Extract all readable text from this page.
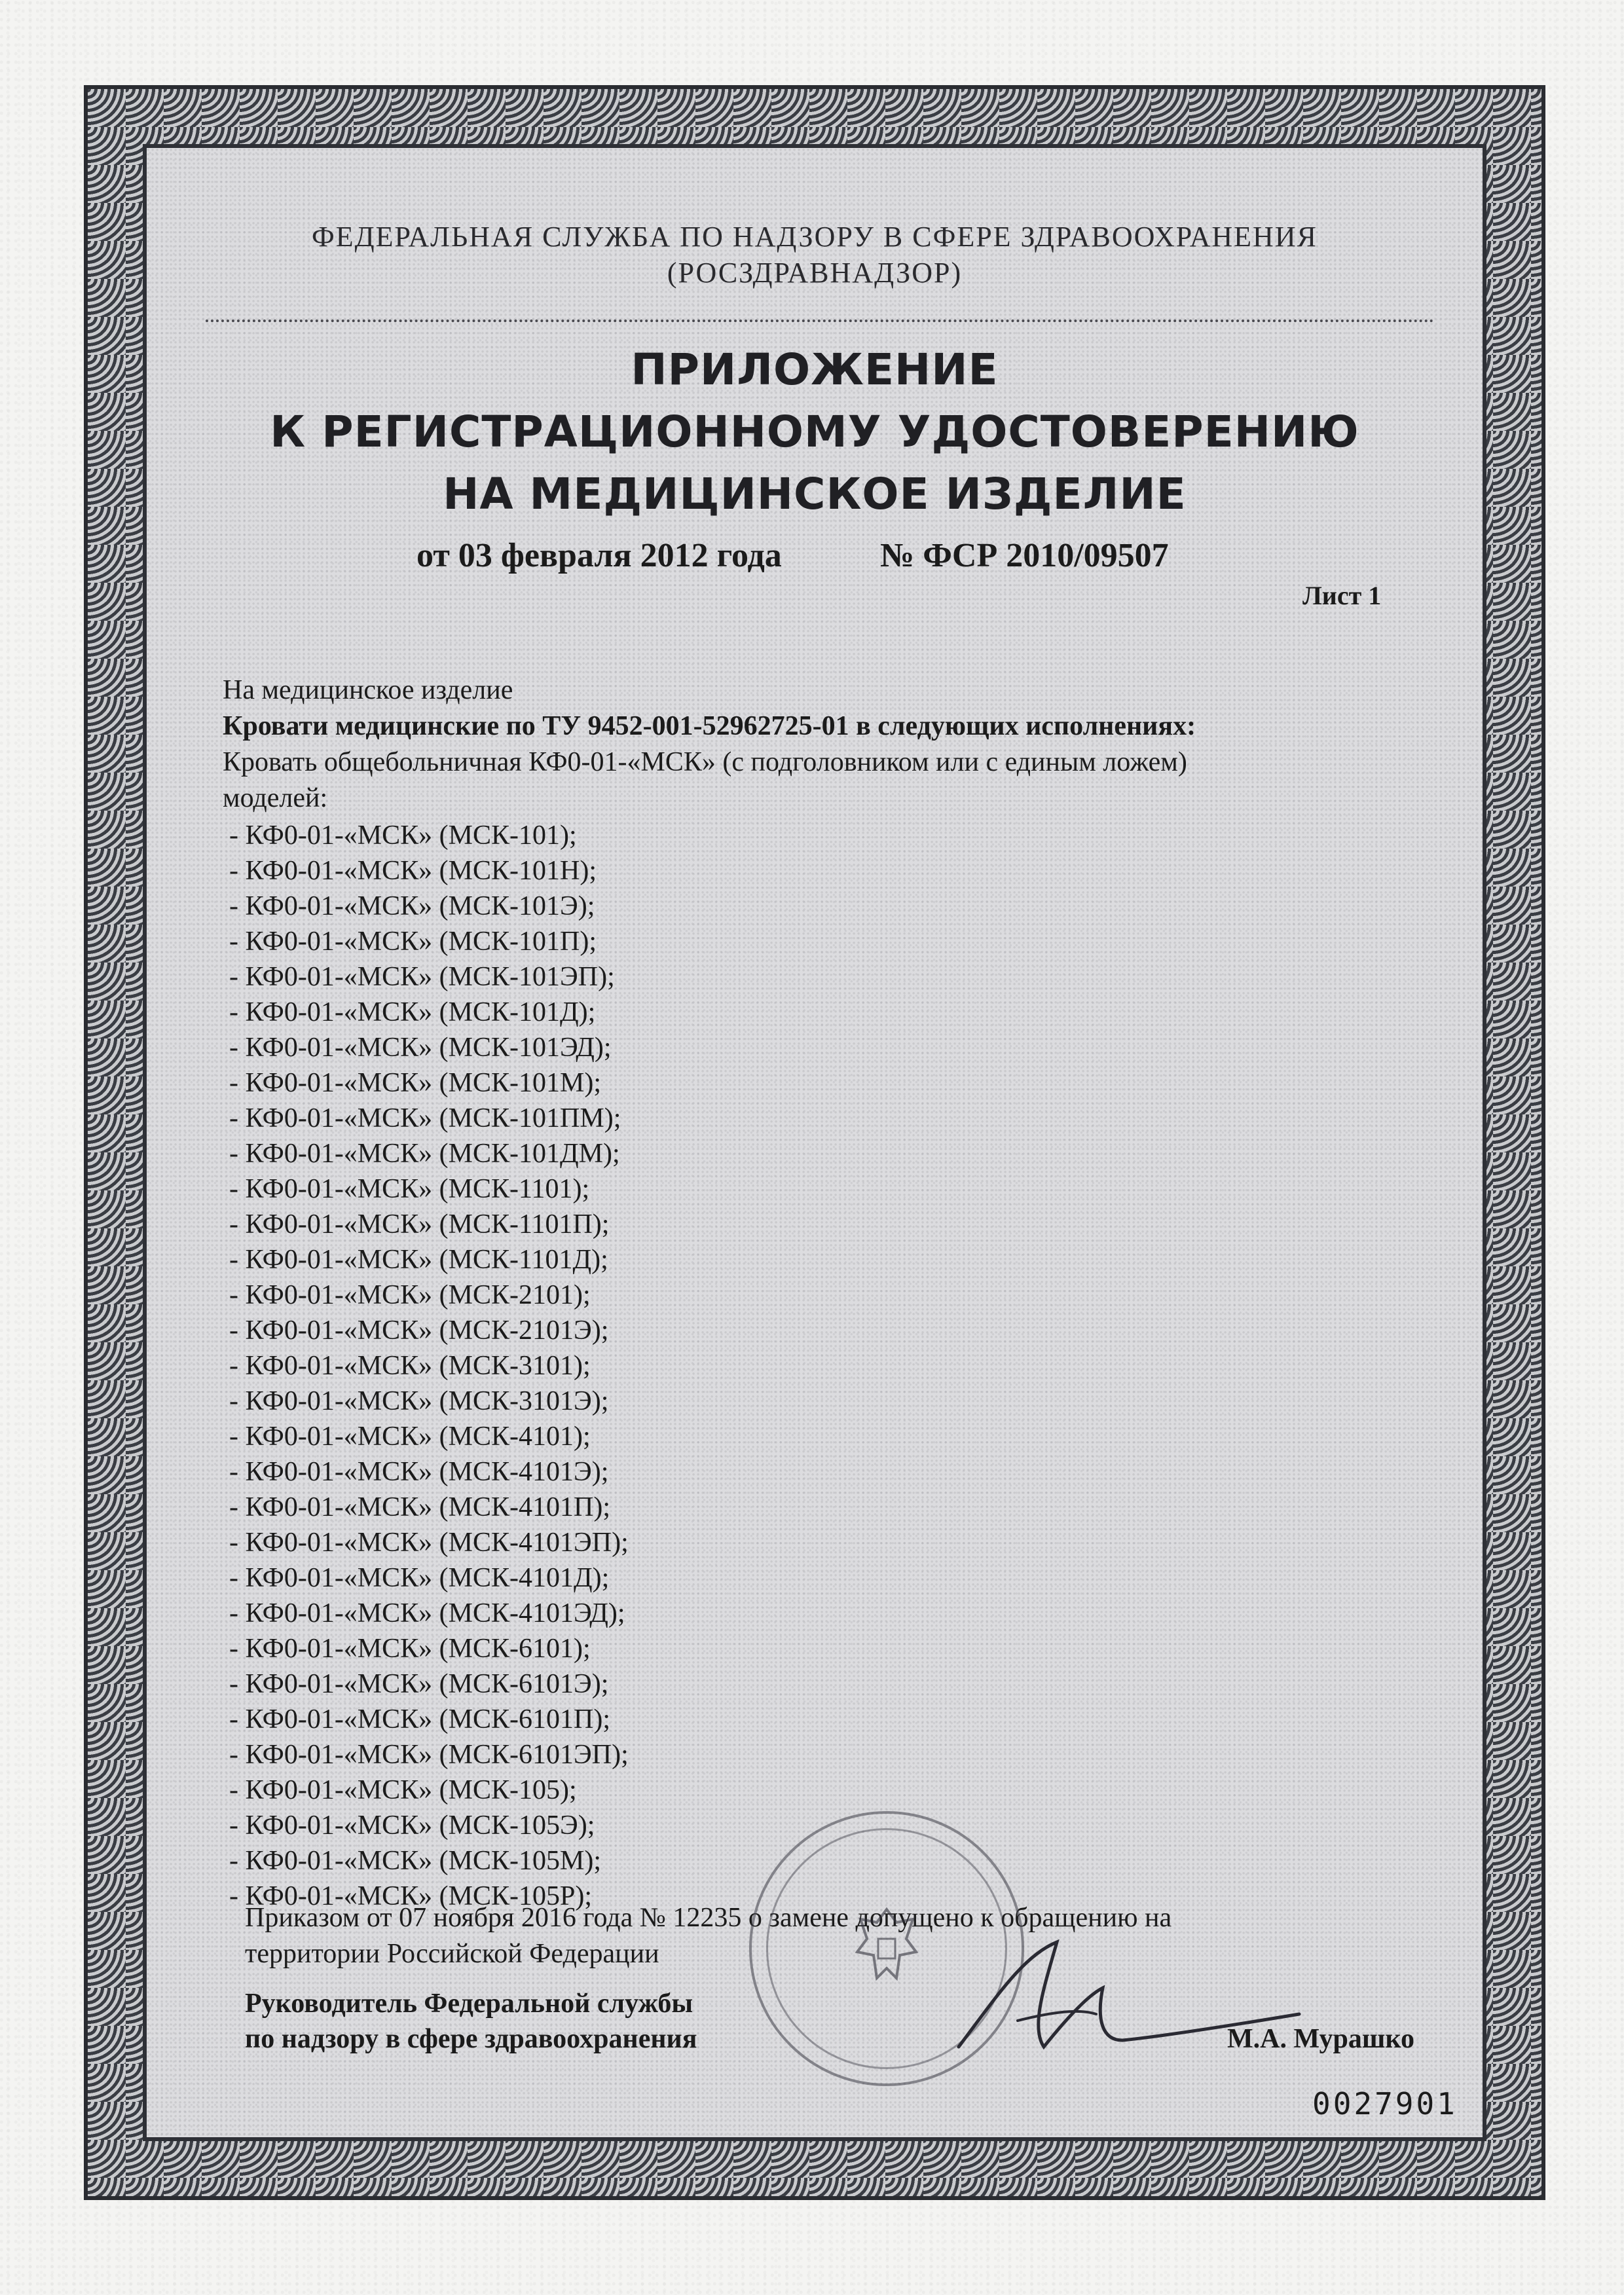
ФЕДЕРАЛЬНАЯ СЛУЖБА ПО НАДЗОРУ В СФЕРЕ ЗДРАВООХРАНЕНИЯ
(РОСЗДРАВНАДЗОР)
ПРИЛОЖЕНИЕ
К РЕГИСТРАЦИОННОМУ УДОСТОВЕРЕНИЮ
НА МЕДИЦИНСКОЕ ИЗДЕЛИЕ
от 03 февраля 2012 года	№ ФСР 2010/09507
Лист 1
На медицинское изделие
Кровати медицинские по ТУ 9452-001-52962725-01 в следующих исполнениях:
Кровать общебольничная КФ0-01-«МСК» (с подголовником или с единым ложем)
моделей:
- КФ0-01-«МСК» (МСК-101);
- КФ0-01-«МСК» (МСК-101Н);
- КФ0-01-«МСК» (МСК-101Э);
- КФ0-01-«МСК» (МСК-101П);
- КФ0-01-«МСК» (МСК-101ЭП);
- КФ0-01-«МСК» (МСК-101Д);
- КФ0-01-«МСК» (МСК-101ЭД);
- КФ0-01-«МСК» (МСК-101М);
- КФ0-01-«МСК» (МСК-101ПМ);
- КФ0-01-«МСК» (МСК-101ДМ);
- КФ0-01-«МСК» (МСК-1101);
- КФ0-01-«МСК» (МСК-1101П);
- КФ0-01-«МСК» (МСК-1101Д);
- КФ0-01-«МСК» (МСК-2101);
- КФ0-01-«МСК» (МСК-2101Э);
- КФ0-01-«МСК» (МСК-3101);
- КФ0-01-«МСК» (МСК-3101Э);
- КФ0-01-«МСК» (МСК-4101);
- КФ0-01-«МСК» (МСК-4101Э);
- КФ0-01-«МСК» (МСК-4101П);
- КФ0-01-«МСК» (МСК-4101ЭП);
- КФ0-01-«МСК» (МСК-4101Д);
- КФ0-01-«МСК» (МСК-4101ЭД);
- КФ0-01-«МСК» (МСК-6101);
- КФ0-01-«МСК» (МСК-6101Э);
- КФ0-01-«МСК» (МСК-6101П);
- КФ0-01-«МСК» (МСК-6101ЭП);
- КФ0-01-«МСК» (МСК-105);
- КФ0-01-«МСК» (МСК-105Э);
- КФ0-01-«МСК» (МСК-105М);
- КФ0-01-«МСК» (МСК-105Р);
Приказом от 07 ноября 2016 года № 12235 о замене допущено к обращению на
территории Российской Федерации
Руководитель Федеральной службы
по надзору в сфере здравоохранения	М.А. Мурашко
0027901
